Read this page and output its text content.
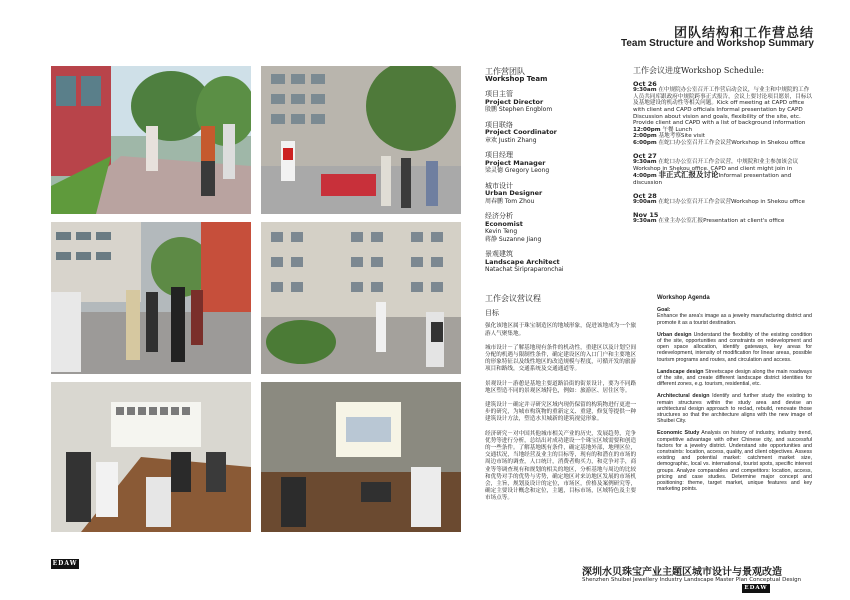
团队结构和工作营总结
Team Structure and Workshop Summary
工作营团队
Workshop Team
项目主管
Project Director
殷鹏 Stephen Engblom
项目联络
Project Coordinator
章欢 Justin Zhang
项目经理
Project Manager
梁灵德 Gregory Leong
城市设计
Urban Designer
周春鹏 Tom Zhou
经济分析
Economist
Kevin Teng
蒋静 Suzanne Jiang
景观建筑
Landscape Architect
Natachat Siripraparonchai
工作会议进度Workshop Schedule:
Oct 26
9:30am 在中规院办公室召开工作营启动会议，与业主和中规院的工作人员共同库跟政府中规院跨事正式报告，会议上要讨论项目愿景，目标以及基地建设的机动性等相关问题。Kick off meeting at CAPD office with client and CAPD officials Informal presentation by CAPD Discussion about vision and goals, flexibility of the site, etc. Provide client and CAPD with a list of background information
12:00pm 午餐 Lunch
2:00pm 基地考察Site visit
6:00pm 在蛇口办公室召开工作会议营Workshop in Shekou office
Oct 27
9:30am 在蛇口办公室召开工作会议营，中规院和业主参加该会议Workshop in Shekou office. CAPD and client might join in
4:00pm 非正式汇报及讨论Informal presentation and discussion
Oct 28
9:00am 在蛇口办公室召开工作会议营Workshop in Shekou office
Nov 15
9:30am 在业主办公室汇报Presentation at client's office
工作会议营议程
目标

强化该地区属于珠宝制造区的地域形象，促进该地成为一个旅游人气聚集地。

城市设计－了解基地现有条件的机动性，重建区以及计划空间分配的机遇与限制性条件，确定建设区的入口门户和主要地区的形象特征以及线性地区的改造规模与程度，可循开发的旅游项目和路线，交通系统及交通通道等。

景观设计－游憩是基地主要道路沿街的街景设计，要为不同路地区塑造不同的景观区域特色，例如：旅游区、居住区等。

建筑设计－确定并寻研究区域内现仍保留的构筑物进行更进一步的研究，为城市构筑物的重新定义、重建，修复等提供一种建筑设计方法，塑造水贝城新的建筑视觉形象。

经济研究－对中国其他城市相关产业的历史，发展趋势，竞争优势等进行分析，总结出对成功建设一个珠宝区域需要和创造的一些条件。了解基地既有条件，确定基地外部，地理区位，交通状况，当地经营及业主的目标等，现有的和潜在的市场的周边市场的调查，人口统计，消费者购买力，和竞争对手，商业等等调查现有和规划的相关的地区，分析基地与周边的比较和优势对手的优势与劣势，确定地区对来访地区发展的市场机会，主旨，规划及设计的定位，市场区，价格及案例研究等，确定主要设计概念和定位，主题，目标市场，区域特色及主要市场点等。

Workshop Agenda

Goal:
Enhance the area's image as a jewelry manufacturing district and promote it as a tourist destination.

Urban design Understand the flexibility of the existing condition of the site, opportunities and constraints on redevelopment and open space allocation, identify gateways, key areas for redevelopment, intensity of modification for linear areas, possible tourism programs and routes, and circulation and access.

Landscape design Streetscape design along the main roadways of the site, and create different landscape district identities for different zones, e.g. tourism, residential, etc.

Architectural design Identify and further study the existing to remain structures within the study area and devise an architectural design approach to reclad, rebuild, renovate those structures so that the architecture aligns with the new image of Shuibei City.

Economic Study Analysis on history of industry, industry trend, competitive advantage with other Chinese city, and successful factors for a jewelry district. Understand site opportunities and constraints: location, access, quality, and client objectives. Assess existing and potential market: catchment market size, demographic, local vs. international, tourist spots, specific interest groups. Analyze comparables and competitors: location, access, pricing and case studies. Determine major concept and positioning: theme, target market, unique features and key marketing points.

EDAW
深圳水贝珠宝产业主题区城市设计与景观改造
Shenzhen Shuibei Jewellery Industry Landscape Master Plan Conceptual Design
EDAW
